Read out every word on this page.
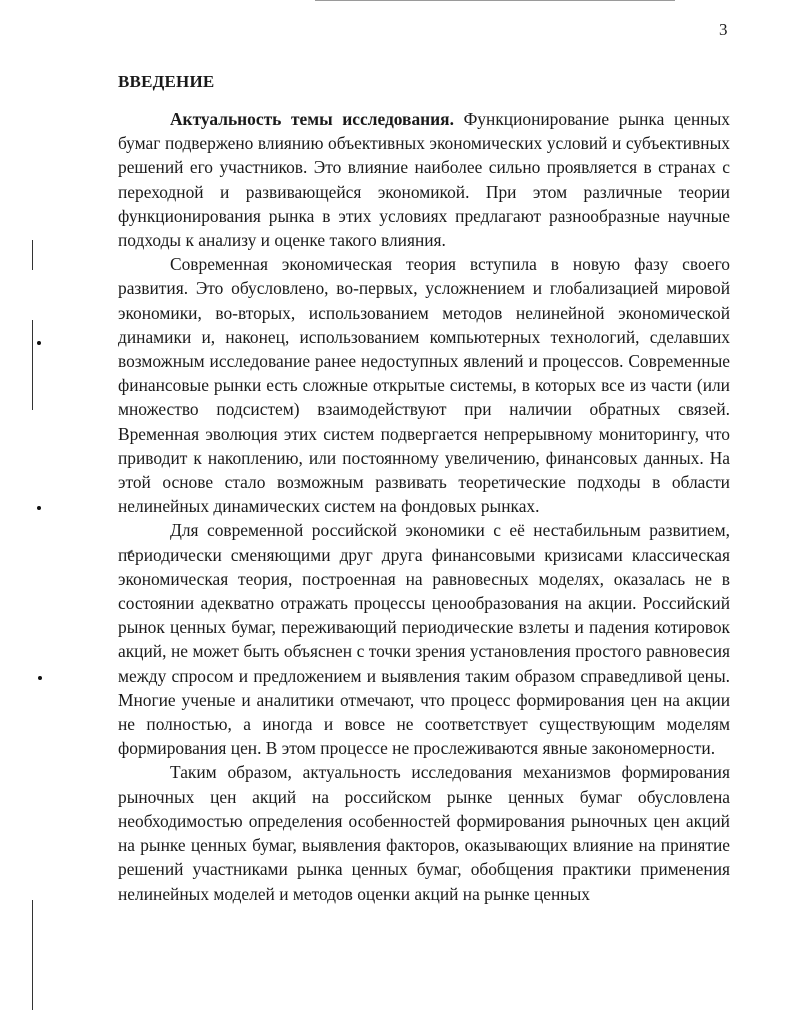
3
ВВЕДЕНИЕ

Актуальность темы исследования. Функционирование рынка ценных бумаг подвержено влиянию объективных экономических условий и субъективных решений его участников. Это влияние наиболее сильно проявляется в странах с переходной и развивающейся экономикой. При этом различные теории функционирования рынка в этих условиях предлагают разнообразные научные подходы к анализу и оценке такого влияния.

Современная экономическая теория вступила в новую фазу своего развития. Это обусловлено, во-первых, усложнением и глобализацией мировой экономики, во-вторых, использованием методов нелинейной экономической динамики и, наконец, использованием компьютерных технологий, сделавших возможным исследование ранее недоступных явлений и процессов. Современные финансовые рынки есть сложные открытые системы, в которых все из части (или множество подсистем) взаимодействуют при наличии обратных связей. Временная эволюция этих систем подвергается непрерывному мониторингу, что приводит к накоплению, или постоянному увеличению, финансовых данных. На этой основе стало возможным развивать теоретические подходы в области нелинейных динамических систем на фондовых рынках.

Для современной российской экономики с её нестабильным развитием, периодически сменяющими друг друга финансовыми кризисами классическая экономическая теория, построенная на равновесных моделях, оказалась не в состоянии адекватно отражать процессы ценообразования на акции. Российский рынок ценных бумаг, переживающий периодические взлеты и падения котировок акций, не может быть объяснен с точки зрения установления простого равновесия между спросом и предложением и выявления таким образом справедливой цены. Многие ученые и аналитики отмечают, что процесс формирования цен на акции не полностью, а иногда и вовсе не соответствует существующим моделям формирования цен. В этом процессе не прослеживаются явные закономерности.

Таким образом, актуальность исследования механизмов формирования рыночных цен акций на российском рынке ценных бумаг обусловлена необходимостью определения особенностей формирования рыночных цен акций на рынке ценных бумаг, выявления факторов, оказывающих влияние на принятие решений участниками рынка ценных бумаг, обобщения практики применения нелинейных моделей и методов оценки акций на рынке ценных
